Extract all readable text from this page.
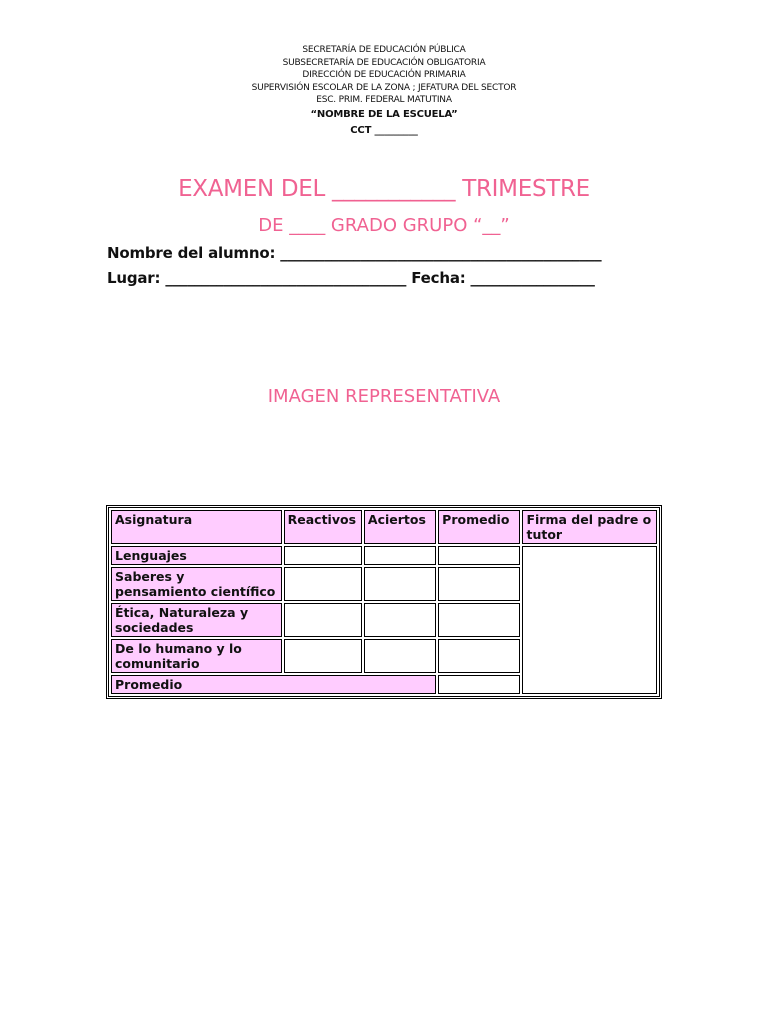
SECRETARÍA DE EDUCACIÓN PÚBLICA
SUBSECRETARÍA DE EDUCACIÓN OBLIGATORIA
DIRECCIÓN DE EDUCACIÓN PRIMARIA
SUPERVISIÓN ESCOLAR DE LA ZONA ; JEFATURA DEL SECTOR
ESC. PRIM. FEDERAL MATUTINA
“NOMBRE DE LA ESCUELA”
CCT _________
EXAMEN DEL ___________ TRIMESTRE
DE ____ GRADO GRUPO “__”
Nombre del alumno: ____________________________________________
Lugar: _________________________________ Fecha: _________________
IMAGEN REPRESENTATIVA
Asignatura	Reactivos	Aciertos	Promedio	Firma del padre o tutor
Lenguajes				
Saberes y pensamiento científico				
Ética, Naturaleza y sociedades				
De lo humano y lo comunitario				
Promedio				
